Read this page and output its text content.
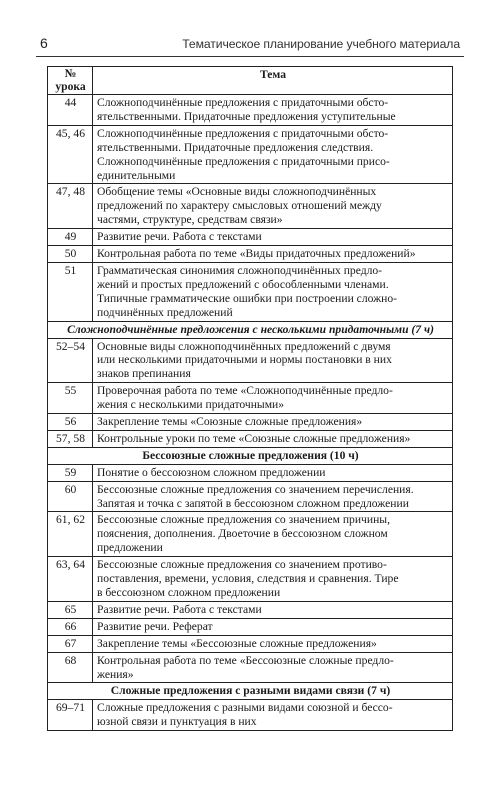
6	Тематическое планирование учебного материала
№
урока	Тема
44	Сложноподчинённые предложения с придаточными обсто-
ятельственными. Придаточные предложения уступительные

45, 46	Сложноподчинённые предложения с придаточными обсто-
ятельственными. Придаточные предложения следствия.
Сложноподчинённые предложения с придаточными присо-
единительными

47, 48	Обобщение темы «Основные виды сложноподчинённых
предложений по характеру смысловых отношений между
частями, структуре, средствам связи»

49	Развитие речи. Работа с текстами

50	Контрольная работа по теме «Виды придаточных предложений»

51	Грамматическая синонимия сложноподчинённых предло-
жений и простых предложений с обособленными членами.
Типичные грамматические ошибки при построении сложно-
подчинённых предложений

Сложноподчинённые предложения с несколькими придаточными (7 ч)	
52–54	Основные виды сложноподчинённых предложений с двумя
или несколькими придаточными и нормы постановки в них
знаков препинания

55	Проверочная работа по теме «Сложноподчинённые предло-
жения с несколькими придаточными»

56	Закрепление темы «Союзные сложные предложения»

57, 58	Контрольные уроки по теме «Союзные сложные предложения»

Бессоюзные сложные предложения (10 ч)	
59	Понятие о бессоюзном сложном предложении

60	Бессоюзные сложные предложения со значением перечисления.
Запятая и точка с запятой в бессоюзном сложном предложении

61, 62	Бессоюзные сложные предложения со значением причины,
пояснения, дополнения. Двоеточие в бессоюзном сложном
предложении

63, 64	Бессоюзные сложные предложения со значением противо-
поставления, времени, условия, следствия и сравнения. Тире
в бессоюзном сложном предложении

65	Развитие речи. Работа с текстами

66	Развитие речи. Реферат

67	Закрепление темы «Бессоюзные сложные предложения»

68	Контрольная работа по теме «Бессоюзные сложные предло-
жения»

Сложные предложения с разными видами связи (7 ч)	
69–71	Сложные предложения с разными видами союзной и бессо-
юзной связи и пунктуация в них
